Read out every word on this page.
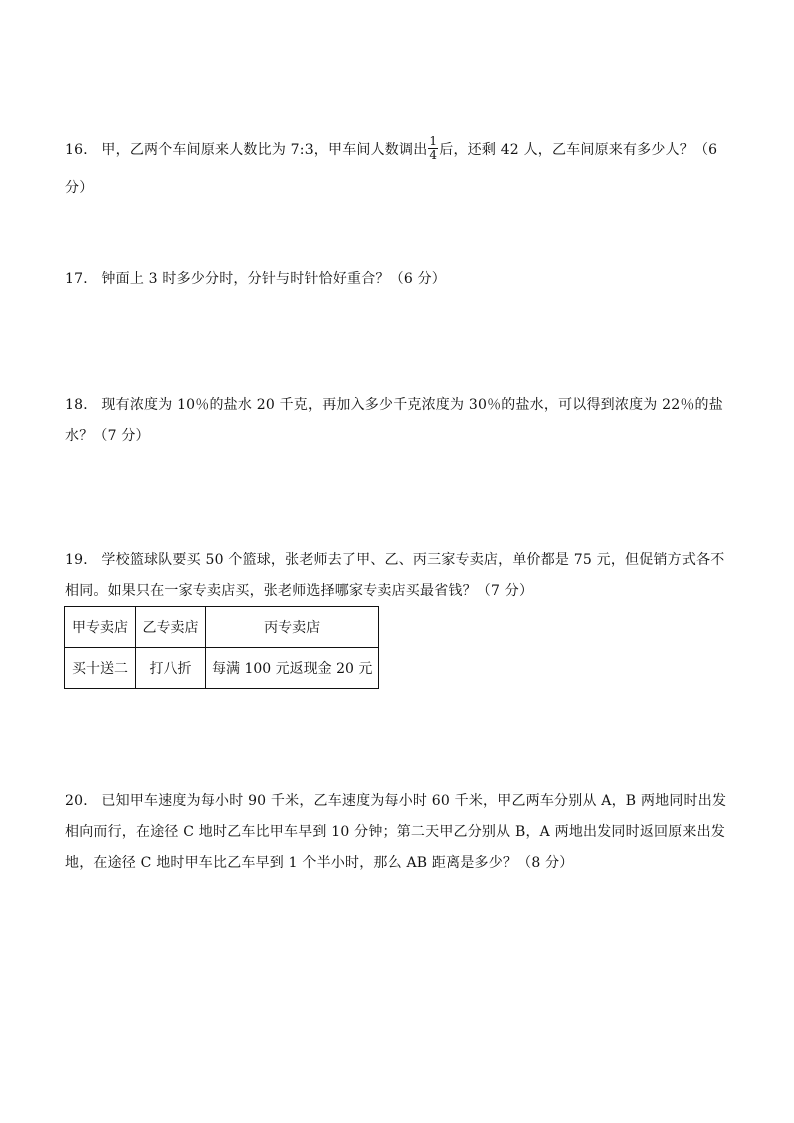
16． 甲，乙两个车间原来人数比为 7:3，甲车间人数调出 $\frac{1}{4}$ 后，还剩 42 人，乙车间原来有多少人？（6 分）
17． 钟面上 3 时多少分时，分针与时针恰好重合？（6 分）
18． 现有浓度为 10％的盐水 20 千克，再加入多少千克浓度为 30％的盐水，可以得到浓度为 22％的盐水？（7 分）
19． 学校篮球队要买 50 个篮球，张老师去了甲、乙、丙三家专卖店，单价都是 75 元，但促销方式各不相同。如果只在一家专卖店买，张老师选择哪家专卖店买最省钱？（7 分）
甲专卖店	乙专卖店	丙专卖店
买十送二	打八折	每满 100 元返现金 20 元
20． 已知甲车速度为每小时 90 千米，乙车速度为每小时 60 千米，甲乙两车分别从 A，B 两地同时出发相向而行，在途径 C 地时乙车比甲车早到 10 分钟；第二天甲乙分别从 B，A 两地出发同时返回原来出发地，在途径 C 地时甲车比乙车早到 1 个半小时，那么 AB 距离是多少？（8 分）
